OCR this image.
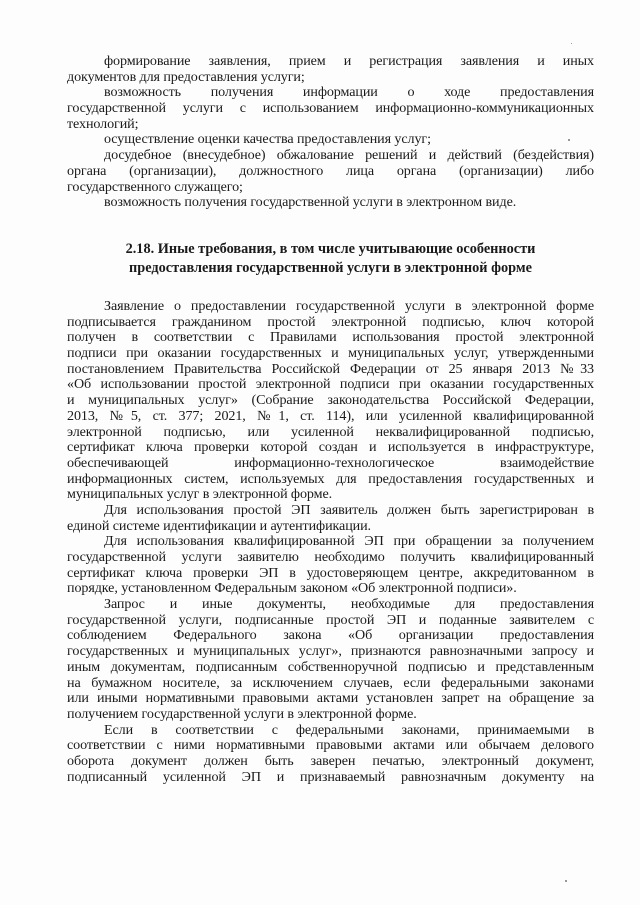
формирование заявления, прием и регистрация заявления и иных
документов для предоставления услуги;
возможность получения информации о ходе предоставления
государственной услуги с использованием информационно-коммуникационных
технологий;
осуществление оценки качества предоставления услуг;
досудебное (внесудебное) обжалование решений и действий (бездействия)
органа (организации), должностного лица органа (организации) либо
государственного служащего;
возможность получения государственной услуги в электронном виде.
2.18. Иные требования, в том числе учитывающие особенности
предоставления государственной услуги в электронной форме
Заявление о предоставлении государственной услуги в электронной форме
подписывается гражданином простой электронной подписью, ключ которой
получен в соответствии с Правилами использования простой электронной
подписи при оказании государственных и муниципальных услуг, утвержденными
постановлением Правительства Российской Федерации от 25 января 2013 №33
«Об использовании простой электронной подписи при оказании государственных
и муниципальных услуг» (Собрание законодательства Российской Федерации,
2013, №5, ст. 377; 2021, №1, ст. 114), или усиленной квалифицированной
электронной подписью, или усиленной неквалифицированной подписью,
сертификат ключа проверки которой создан и используется в инфраструктуре,
обеспечивающей информационно-технологическое взаимодействие
информационных систем, используемых для предоставления государственных и
муниципальных услуг в электронной форме.
Для использования простой ЭП заявитель должен быть зарегистрирован в
единой системе идентификации и аутентификации.
Для использования квалифицированной ЭП при обращении за получением
государственной услуги заявителю необходимо получить квалифицированный
сертификат ключа проверки ЭП в удостоверяющем центре, аккредитованном в
порядке, установленном Федеральным законом «Об электронной подписи».
Запрос и иные документы, необходимые для предоставления
государственной услуги, подписанные простой ЭП и поданные заявителем с
соблюдением Федерального закона «Об организации предоставления
государственных и муниципальных услуг», признаются равнозначными запросу и
иным документам, подписанным собственноручной подписью и представленным
на бумажном носителе, за исключением случаев, если федеральными законами
или иными нормативными правовыми актами установлен запрет на обращение за
получением государственной услуги в электронной форме.
Если в соответствии с федеральными законами, принимаемыми в
соответствии с ними нормативными правовыми актами или обычаем делового
оборота документ должен быть заверен печатью, электронный документ,
подписанный усиленной ЭП и признаваемый равнозначным документу на
